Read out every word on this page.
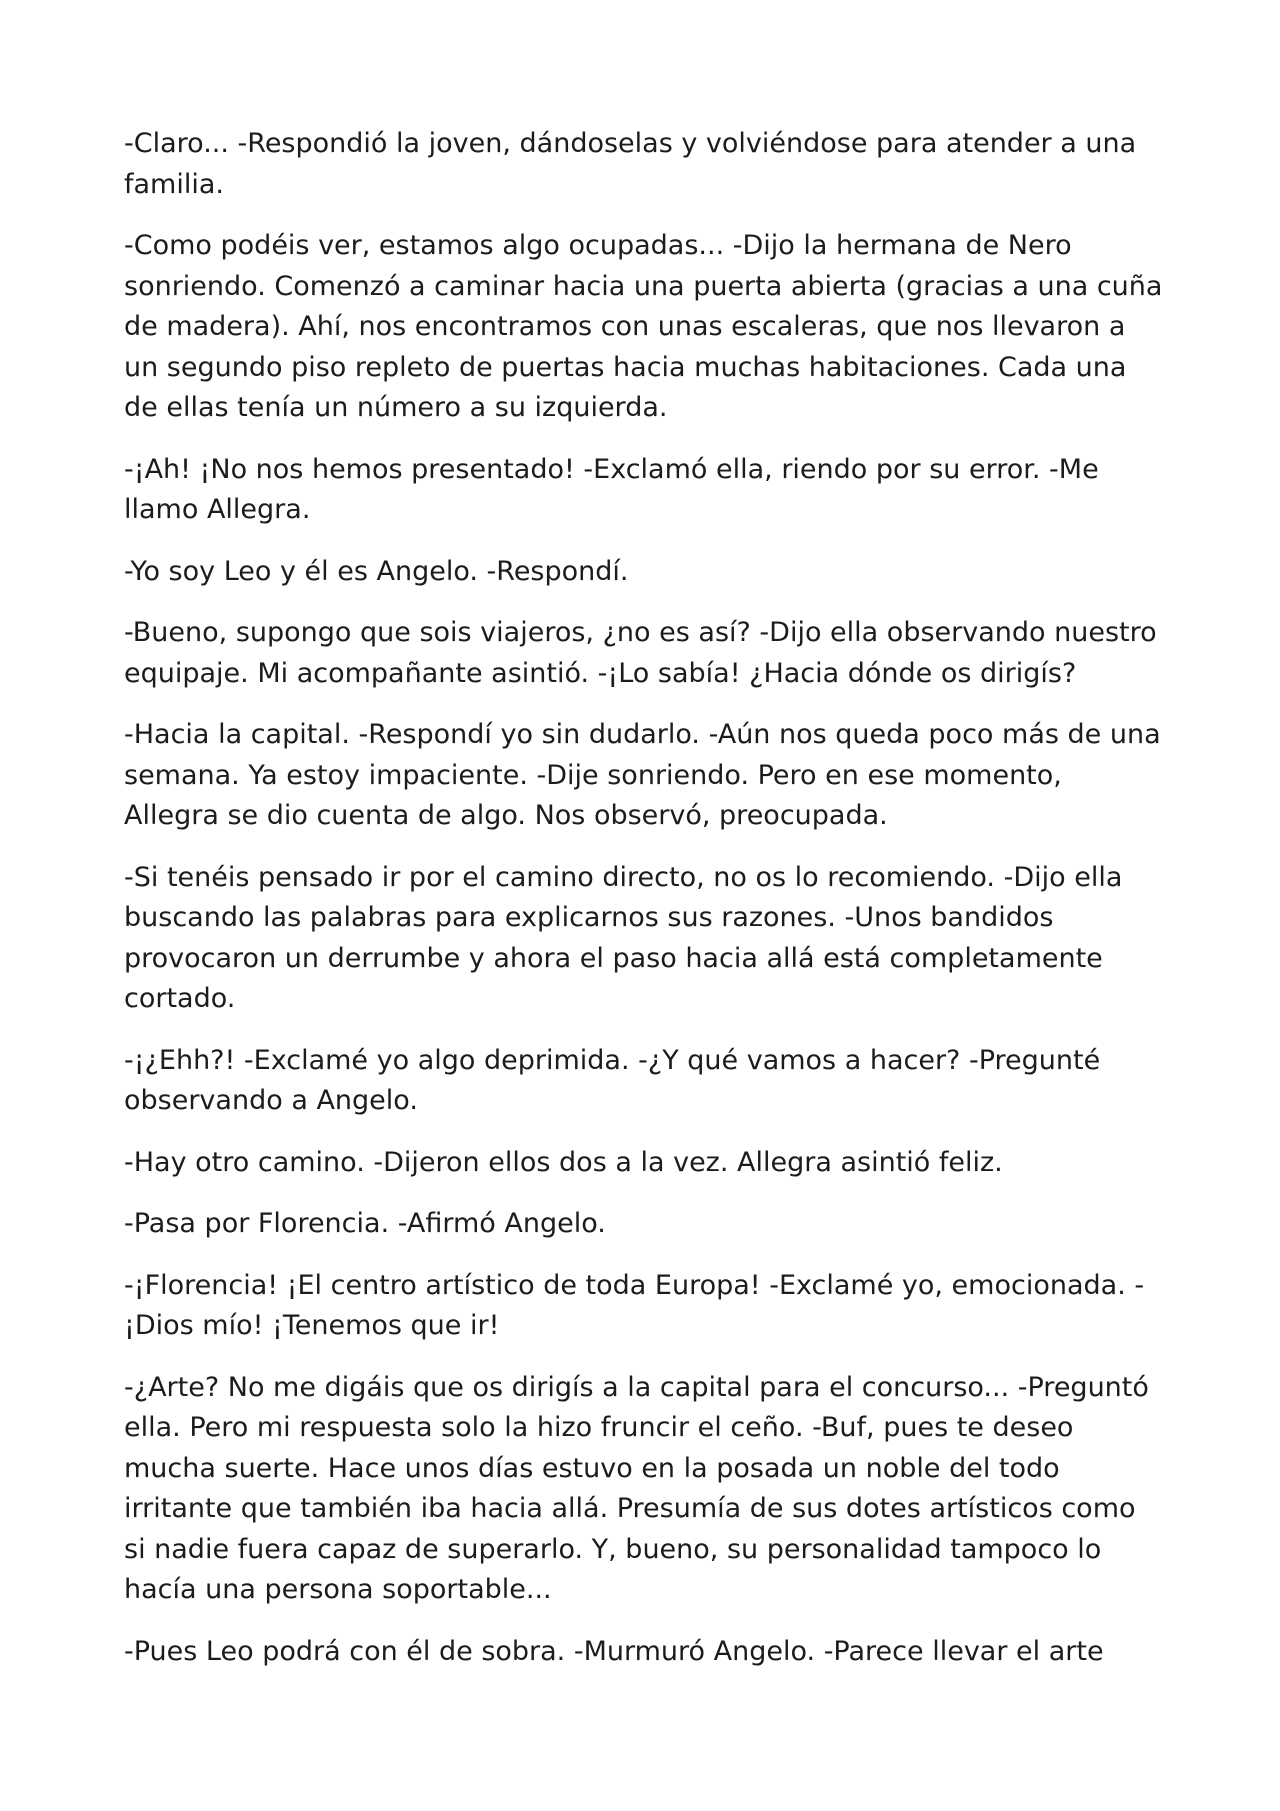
-Claro... -Respondió la joven, dándoselas y volviéndose para atender a una familia.

-Como podéis ver, estamos algo ocupadas... -Dijo la hermana de Nero sonriendo. Comenzó a caminar hacia una puerta abierta (gracias a una cuña de madera). Ahí, nos encontramos con unas escaleras, que nos llevaron a un segundo piso repleto de puertas hacia muchas habitaciones. Cada una de ellas tenía un número a su izquierda.

-¡Ah! ¡No nos hemos presentado! -Exclamó ella, riendo por su error. -Me llamo Allegra.

-Yo soy Leo y él es Angelo. -Respondí.

-Bueno, supongo que sois viajeros, ¿no es así? -Dijo ella observando nuestro equipaje. Mi acompañante asintió. -¡Lo sabía! ¿Hacia dónde os dirigís?

-Hacia la capital. -Respondí yo sin dudarlo. -Aún nos queda poco más de una semana. Ya estoy impaciente. -Dije sonriendo. Pero en ese momento, Allegra se dio cuenta de algo. Nos observó, preocupada.

-Si tenéis pensado ir por el camino directo, no os lo recomiendo. -Dijo ella buscando las palabras para explicarnos sus razones. -Unos bandidos provocaron un derrumbe y ahora el paso hacia allá está completamente cortado.

-¡¿Ehh?! -Exclamé yo algo deprimida. -¿Y qué vamos a hacer? -Pregunté observando a Angelo.

-Hay otro camino. -Dijeron ellos dos a la vez. Allegra asintió feliz.

-Pasa por Florencia. -Afirmó Angelo.

-¡Florencia! ¡El centro artístico de toda Europa! -Exclamé yo, emocionada. -¡Dios mío! ¡Tenemos que ir!

-¿Arte? No me digáis que os dirigís a la capital para el concurso... -Preguntó ella. Pero mi respuesta solo la hizo fruncir el ceño. -Buf, pues te deseo mucha suerte. Hace unos días estuvo en la posada un noble del todo irritante que también iba hacia allá. Presumía de sus dotes artísticos como si nadie fuera capaz de superarlo. Y, bueno, su personalidad tampoco lo hacía una persona soportable...

-Pues Leo podrá con él de sobra. -Murmuró Angelo. -Parece llevar el arte
